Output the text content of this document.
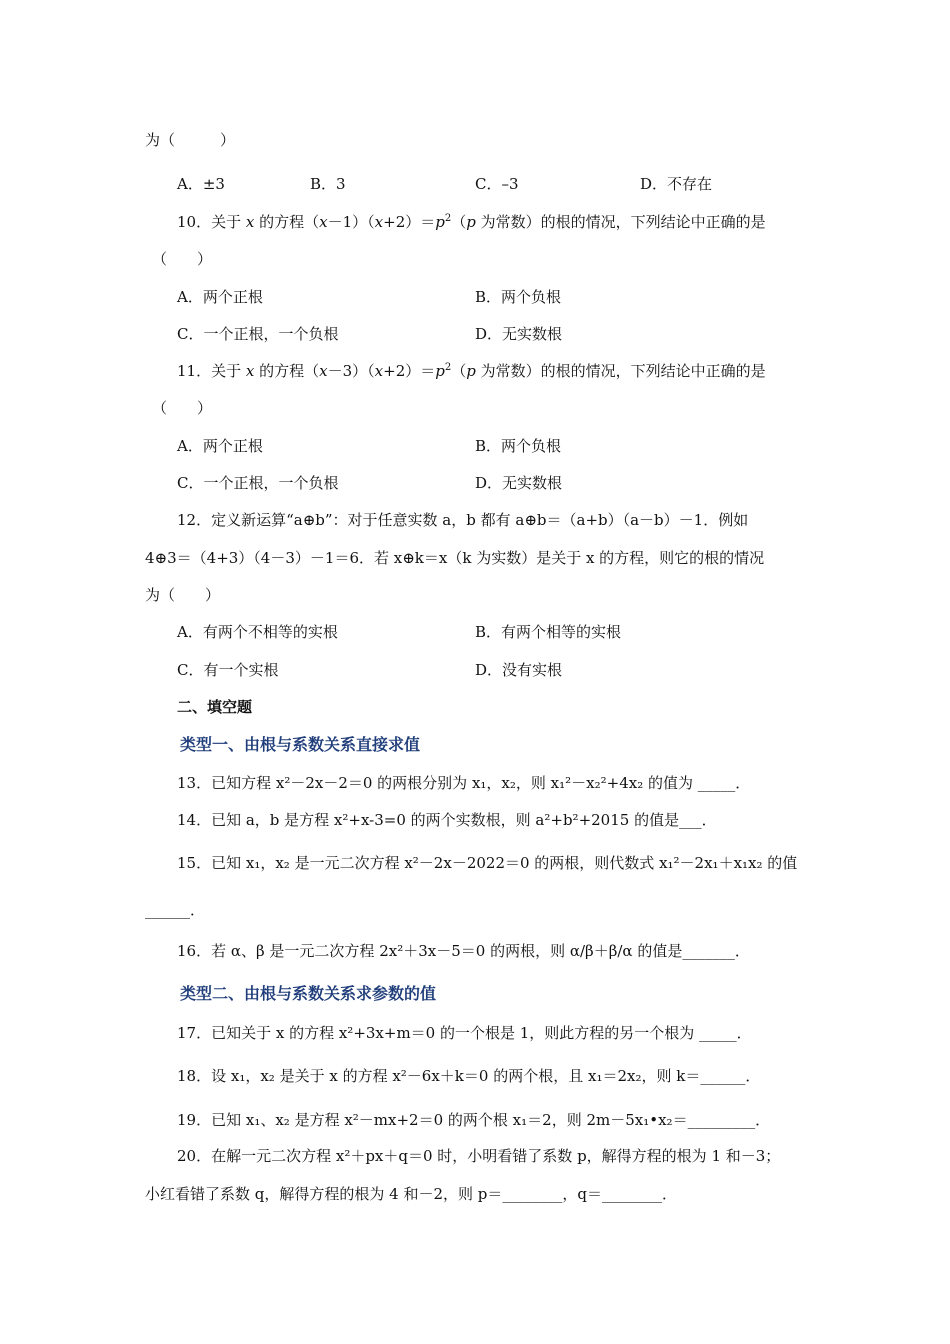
为（　　　）
A．±3	B．3	C．–3	D．不存在
10．关于 x 的方程$(x-1)(x+2)=p^2(p$ 为常数）的根的情况，下列结论中正确的是
（　　）
A．两个正根	B．两个负根
C．一个正根，一个负根	D．无实数根
11．关于 x 的方程$(x-3)(x+2)=p^2(p$ 为常数）的根的情况，下列结论中正确的是
（　　）
A．两个正根	B．两个负根
C．一个正根，一个负根	D．无实数根
12．定义新运算“a⊕b”：对于任意实数 a，b 都有 a⊕b＝（a+b）（a－b）－1．例如
4⊕3＝（4+3）（4－3）－1＝6．若 x⊕k＝x（k 为实数）是关于 x 的方程，则它的根的情况
为（　　）
A．有两个不相等的实根	B．有两个相等的实根
C．有一个实根	D．没有实根
二、填空题
类型一、由根与系数关系直接求值
13．已知方程 x²－2x－2＝0 的两根分别为 x₁，x₂，则 x₁²－x₂²+4x₂ 的值为 _____．
14．已知 a，b 是方程 x²+x-3=0 的两个实数根，则 a²+b²+2015 的值是___．
15．已知 x₁，x₂ 是一元二次方程 x²－2x－2022＝0 的两根，则代数式 x₁²－2x₁＋x₁x₂ 的值
______．
16．若 α、β 是一元二次方程 2x²＋3x－5＝0 的两根，则 α/β＋β/α 的值是_______．
类型二、由根与系数关系求参数的值
17．已知关于 x 的方程 x²+3x+m＝0 的一个根是 1，则此方程的另一个根为 _____．
18．设 x₁，x₂ 是关于 x 的方程 x²－6x＋k＝0 的两个根，且 x₁＝2x₂，则 k＝______．
19．已知 x₁、x₂ 是方程 x²－mx+2＝0 的两个根 x₁＝2，则 2m－5x₁•x₂＝_________．
20．在解一元二次方程 x²＋px＋q＝0 时，小明看错了系数 p，解得方程的根为 1 和－3；
小红看错了系数 q，解得方程的根为 4 和－2，则 p＝________，q＝________．
